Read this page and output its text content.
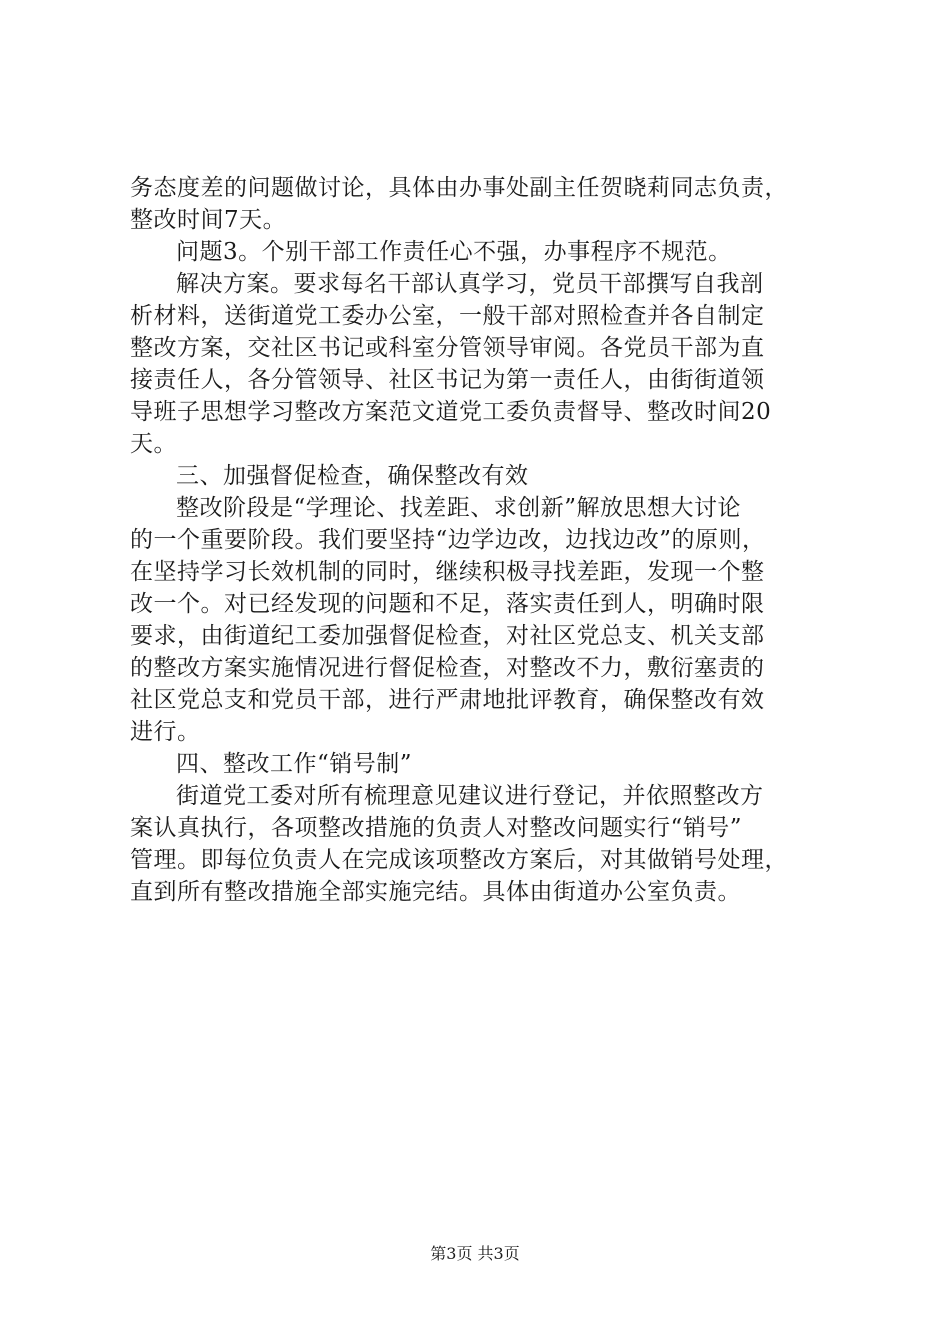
务态度差的问题做讨论，具体由办事处副主任贺晓莉同志负责，
整改时间7天。
问题3。个别干部工作责任心不强，办事程序不规范。
解决方案。要求每名干部认真学习，党员干部撰写自我剖
析材料，送街道党工委办公室，一般干部对照检查并各自制定
整改方案，交社区书记或科室分管领导审阅。各党员干部为直
接责任人，各分管领导、社区书记为第一责任人，由街街道领
导班子思想学习整改方案范文道党工委负责督导、整改时间20
天。
三、加强督促检查，确保整改有效
整改阶段是“学理论、找差距、求创新”解放思想大讨论
的一个重要阶段。我们要坚持“边学边改，边找边改”的原则，
在坚持学习长效机制的同时，继续积极寻找差距，发现一个整
改一个。对已经发现的问题和不足，落实责任到人，明确时限
要求，由街道纪工委加强督促检查，对社区党总支、机关支部
的整改方案实施情况进行督促检查，对整改不力，敷衍塞责的
社区党总支和党员干部，进行严肃地批评教育，确保整改有效
进行。
四、整改工作“销号制”
街道党工委对所有梳理意见建议进行登记，并依照整改方
案认真执行，各项整改措施的负责人对整改问题实行“销号”
管理。即每位负责人在完成该项整改方案后，对其做销号处理，
直到所有整改措施全部实施完结。具体由街道办公室负责。
第3页 共3页
